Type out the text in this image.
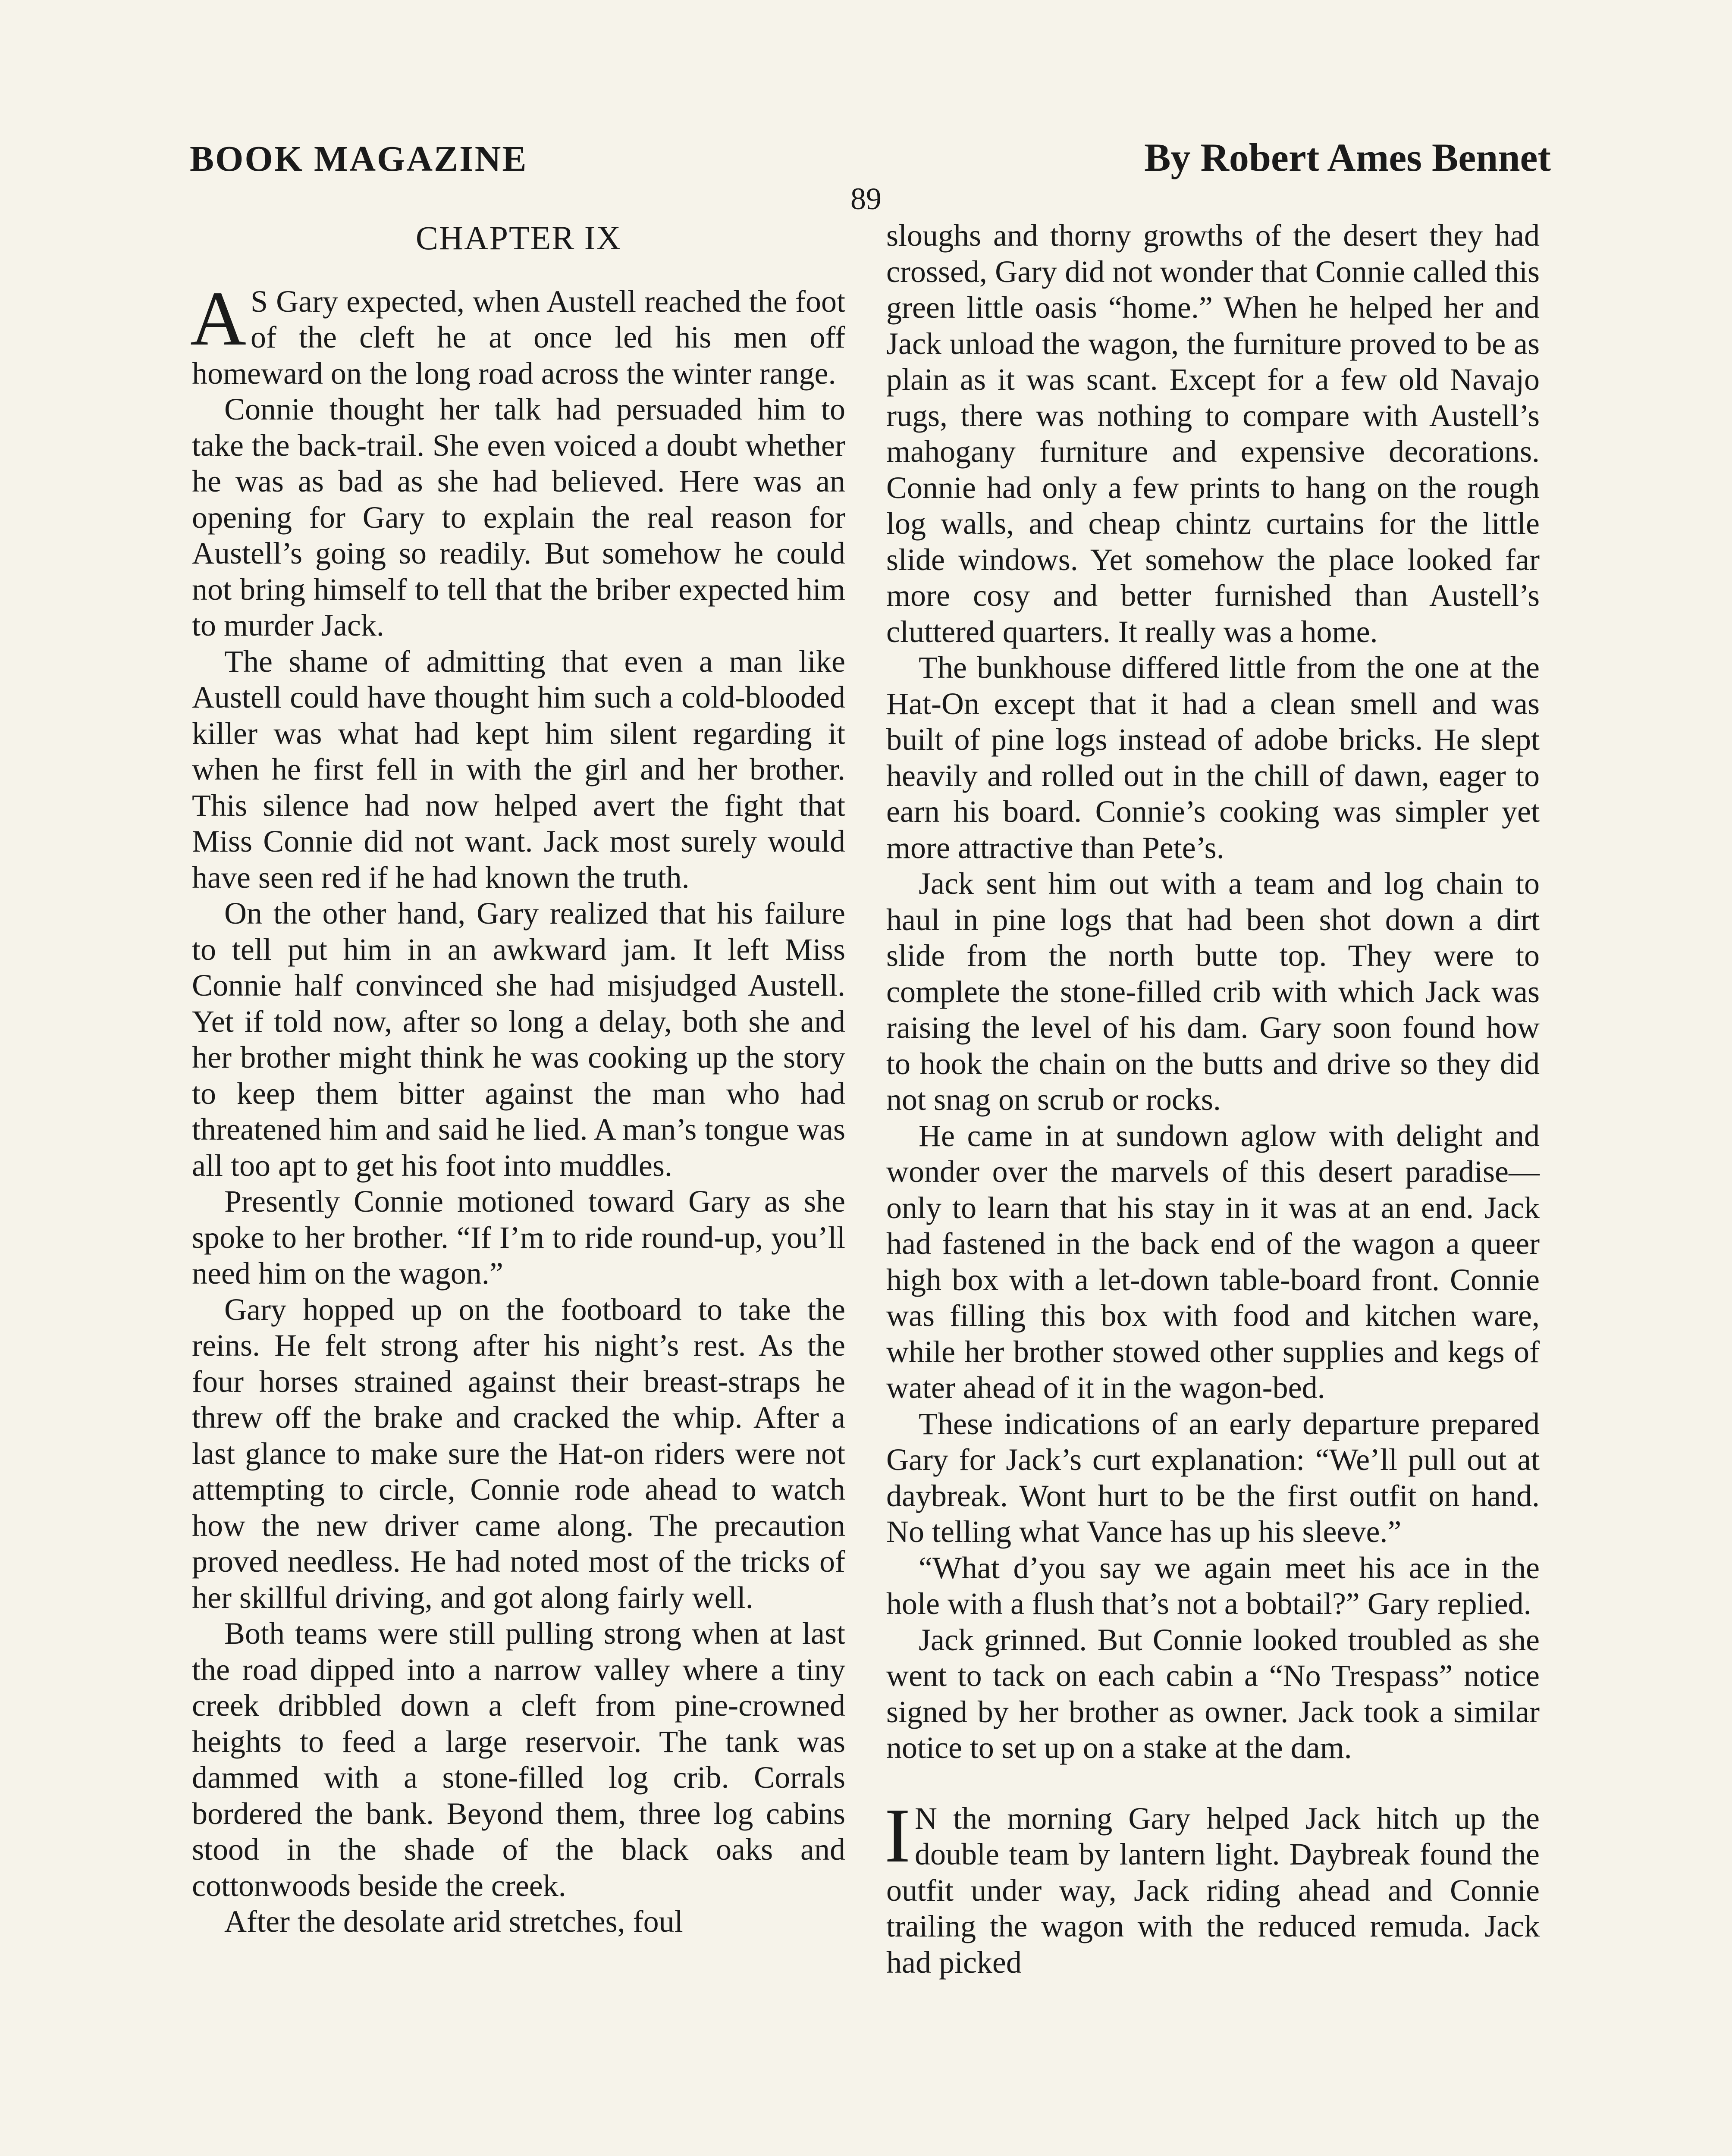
BOOK MAGAZINE	By Robert Ames Bennet
89
CHAPTER IX

A S Gary expected, when Austell reached the foot of the cleft he at once led his men off homeward on the long road across the winter range.

Connie thought her talk had persuaded him to take the back-trail. She even voiced a doubt whether he was as bad as she had believed. Here was an opening for Gary to explain the real reason for Austell’s going so readily. But somehow he could not bring himself to tell that the briber expected him to murder Jack.

The shame of admitting that even a man like Austell could have thought him such a cold-blooded killer was what had kept him silent regarding it when he first fell in with the girl and her brother. This silence had now helped avert the fight that Miss Connie did not want. Jack most surely would have seen red if he had known the truth.

On the other hand, Gary realized that his failure to tell put him in an awkward jam. It left Miss Connie half convinced she had misjudged Austell. Yet if told now, after so long a delay, both she and her brother might think he was cooking up the story to keep them bitter against the man who had threatened him and said he lied. A man’s tongue was all too apt to get his foot into muddles.

Presently Connie motioned toward Gary as she spoke to her brother. “If I’m to ride round-up, you’ll need him on the wagon.”

Gary hopped up on the footboard to take the reins. He felt strong after his night’s rest. As the four horses strained against their breast-straps he threw off the brake and cracked the whip. After a last glance to make sure the Hat-on riders were not attempting to circle, Connie rode ahead to watch how the new driver came along. The precaution proved needless. He had noted most of the tricks of her skillful driving, and got along fairly well.

Both teams were still pulling strong when at last the road dipped into a narrow valley where a tiny creek dribbled down a cleft from pine-crowned heights to feed a large reservoir. The tank was dammed with a stone-filled log crib. Corrals bordered the bank. Beyond them, three log cabins stood in the shade of the black oaks and cottonwoods beside the creek.

After the desolate arid stretches, foul

sloughs and thorny growths of the desert they had crossed, Gary did not wonder that Connie called this green little oasis “home.” When he helped her and Jack unload the wagon, the furniture proved to be as plain as it was scant. Except for a few old Navajo rugs, there was nothing to compare with Austell’s mahogany furniture and expensive decorations. Connie had only a few prints to hang on the rough log walls, and cheap chintz curtains for the little slide windows. Yet somehow the place looked far more cosy and better furnished than Austell’s cluttered quarters. It really was a home.

The bunkhouse differed little from the one at the Hat-On except that it had a clean smell and was built of pine logs instead of adobe bricks. He slept heavily and rolled out in the chill of dawn, eager to earn his board. Connie’s cooking was simpler yet more attractive than Pete’s.

Jack sent him out with a team and log chain to haul in pine logs that had been shot down a dirt slide from the north butte top. They were to complete the stone-filled crib with which Jack was raising the level of his dam. Gary soon found how to hook the chain on the butts and drive so they did not snag on scrub or rocks.

He came in at sundown aglow with delight and wonder over the marvels of this desert paradise—only to learn that his stay in it was at an end. Jack had fastened in the back end of the wagon a queer high box with a let-down table-board front. Connie was filling this box with food and kitchen ware, while her brother stowed other supplies and kegs of water ahead of it in the wagon-bed.

These indications of an early departure prepared Gary for Jack’s curt explanation: “We’ll pull out at daybreak. Wont hurt to be the first outfit on hand. No telling what Vance has up his sleeve.”

“What d’you say we again meet his ace in the hole with a flush that’s not a bobtail?” Gary replied.

Jack grinned. But Connie looked troubled as she went to tack on each cabin a “No Trespass” notice signed by her brother as owner. Jack took a similar notice to set up on a stake at the dam.

I N the morning Gary helped Jack hitch up the double team by lantern light. Daybreak found the outfit under way, Jack riding ahead and Connie trailing the wagon with the reduced remuda. Jack had picked
